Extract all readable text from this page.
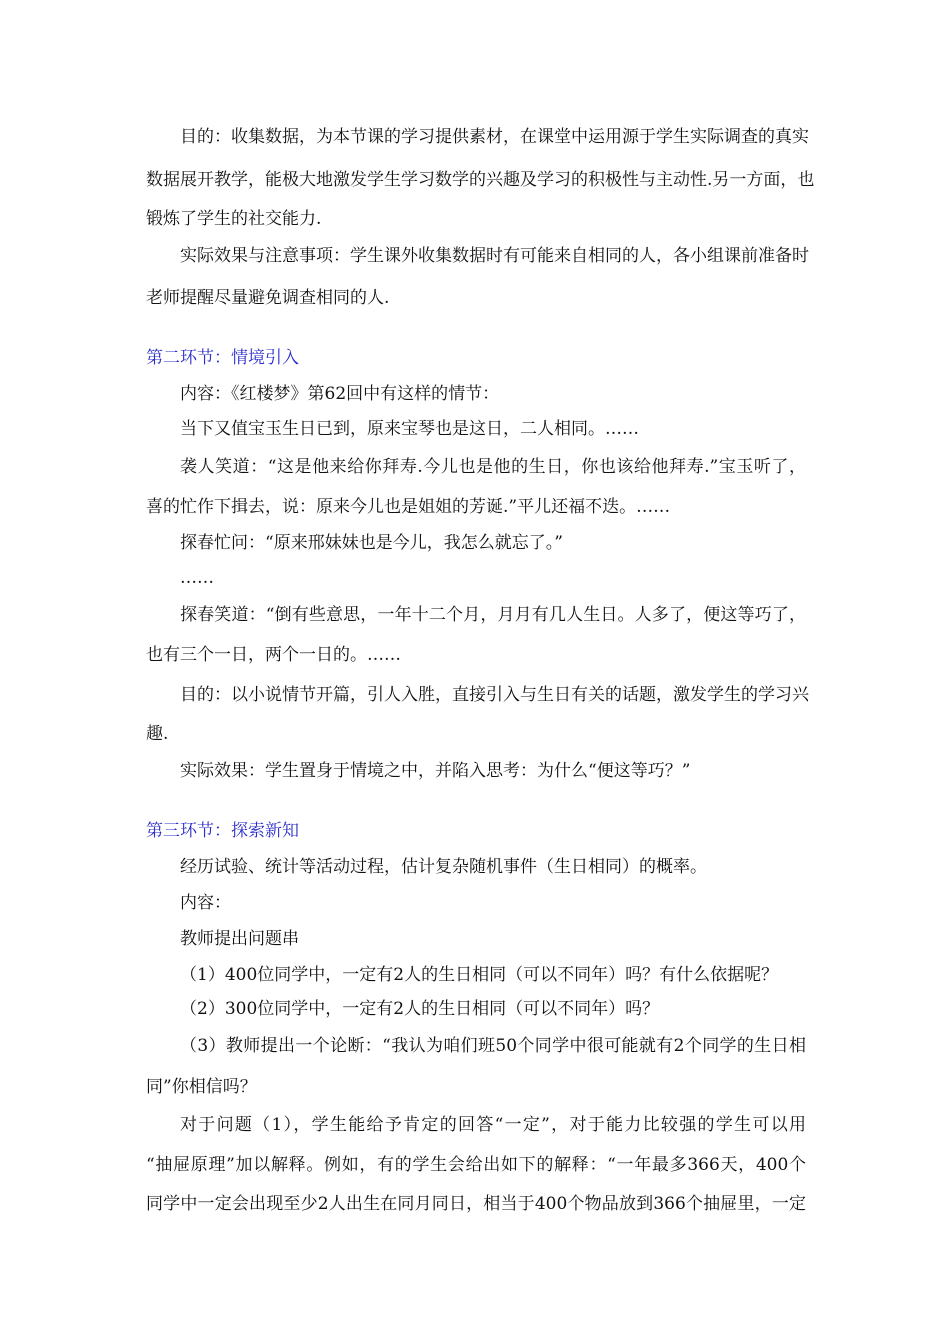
目的：收集数据，为本节课的学习提供素材，在课堂中运用源于学生实际调查的真实
数据展开教学，能极大地激发学生学习数学的兴趣及学习的积极性与主动性.另一方面，也
锻炼了学生的社交能力.
实际效果与注意事项：学生课外收集数据时有可能来自相同的人，各小组课前准备时
老师提醒尽量避免调查相同的人.
第二环节：情境引入
内容：《红楼梦》第62回中有这样的情节：
当下又值宝玉生日已到，原来宝琴也是这日，二人相同。……
袭人笑道：“这是他来给你拜寿.今儿也是他的生日，你也该给他拜寿.”宝玉听了，
喜的忙作下揖去，说：原来今儿也是姐姐的芳诞.”平儿还福不迭。……
探春忙问：“原来邢妹妹也是今儿，我怎么就忘了。”
……
探春笑道：“倒有些意思，一年十二个月，月月有几人生日。人多了，便这等巧了，
也有三个一日，两个一日的。……
目的：以小说情节开篇，引人入胜，直接引入与生日有关的话题，激发学生的学习兴
趣.
实际效果：学生置身于情境之中，并陷入思考：为什么“便这等巧？”
第三环节：探索新知
经历试验、统计等活动过程，估计复杂随机事件（生日相同）的概率。
内容：
教师提出问题串
（1）400位同学中，一定有2人的生日相同（可以不同年）吗？有什么依据呢？
（2）300位同学中，一定有2人的生日相同（可以不同年）吗？
（3）教师提出一个论断：“我认为咱们班50个同学中很可能就有2个同学的生日相
同”你相信吗？
对于问题（1），学生能给予肯定的回答“一定”，对于能力比较强的学生可以用
“抽屉原理”加以解释。例如，有的学生会给出如下的解释：“一年最多366天，400个
同学中一定会出现至少2人出生在同月同日，相当于400个物品放到366个抽屉里，一定
